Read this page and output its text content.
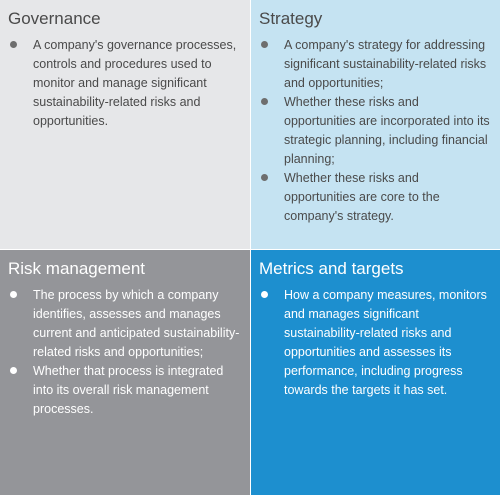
Governance
A company's governance processes, controls and procedures used to monitor and manage significant sustainability-related risks and opportunities.
Strategy
A company's strategy for addressing significant sustainability-related risks and opportunities;
Whether these risks and opportunities are incorporated into its strategic planning, including financial planning;
Whether these risks and opportunities are core to the company's strategy.
Risk management
The process by which a company identifies, assesses and manages current and anticipated sustainability-related risks and opportunities;
Whether that process is integrated into its overall risk management processes.
Metrics and targets
How a company measures, monitors and manages significant sustainability-related risks and opportunities and assesses its performance, including progress towards the targets it has set.
